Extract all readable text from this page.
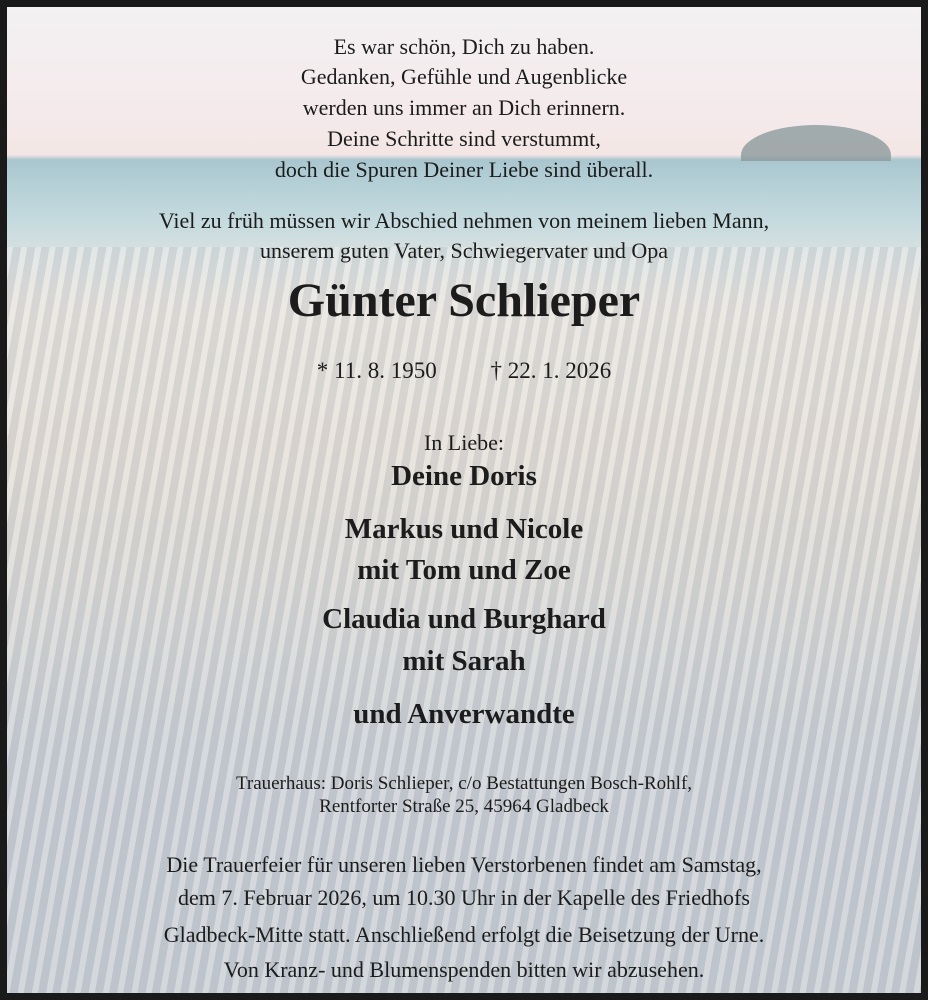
Es war schön, Dich zu haben.
Gedanken, Gefühle und Augenblicke
werden uns immer an Dich erinnern.
Deine Schritte sind verstummt,
doch die Spuren Deiner Liebe sind überall.
Viel zu früh müssen wir Abschied nehmen von meinem lieben Mann,
unserem guten Vater, Schwiegervater und Opa
Günter Schlieper
* 11. 8. 1950 † 22. 1. 2026
In Liebe:
Deine Doris
Markus und Nicole
mit Tom und Zoe
Claudia und Burghard
mit Sarah
und Anverwandte
Trauerhaus: Doris Schlieper, c/o Bestattungen Bosch-Rohlf,
Rentforter Straße 25, 45964 Gladbeck
Die Trauerfeier für unseren lieben Verstorbenen findet am Samstag,
dem 7. Februar 2026, um 10.30 Uhr in der Kapelle des Friedhofs
Gladbeck-Mitte statt. Anschließend erfolgt die Beisetzung der Urne.
Von Kranz- und Blumenspenden bitten wir abzusehen.
